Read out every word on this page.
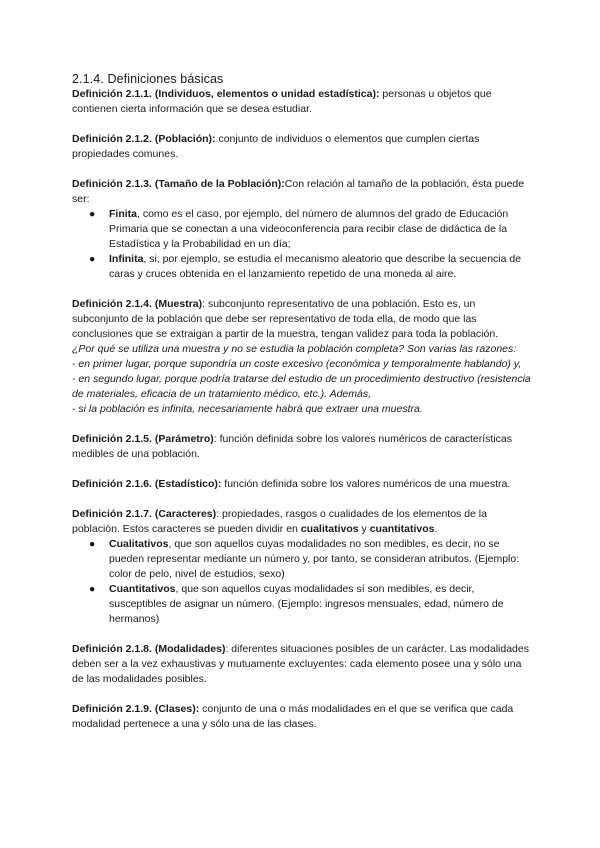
2.1.4. Definiciones básicas

Definición 2.1.1. (Individuos, elementos o unidad estadística): personas u objetos que contienen cierta información que se desea estudiar.

Definición 2.1.2. (Población): conjunto de individuos o elementos que cumplen ciertas propiedades comunes.

Definición 2.1.3. (Tamaño de la Población):Con relación al tamaño de la población, ésta puede ser:

● Finita, como es el caso, por ejemplo, del número de alumnos del grado de Educación Primaria que se conectan a una videoconferencia para recibir clase de didáctica de la Estadística y la Probabilidad en un día;
● Infinita, si, por ejemplo, se estudia el mecanismo aleatorio que describe la secuencia de caras y cruces obtenida en el lanzamiento repetido de una moneda al aire.

Definición 2.1.4. (Muestra): subconjunto representativo de una población. Esto es, un subconjunto de la población que debe ser representativo de toda ella, de modo que las conclusiones que se extraigan a partir de la muestra, tengan validez para toda la población.

¿Por qué se utiliza una muestra y no se estudia la población completa? Son varias las razones:

- en primer lugar, porque supondría un coste excesivo (económica y temporalmente hablando) y,

- en segundo lugar, porque podría tratarse del estudio de un procedimiento destructivo (resistencia de materiales, eficacia de un tratamiento médico, etc.). Además,

- si la población es infinita, necesariamente habrá que extraer una muestra.

Definición 2.1.5. (Parámetro): función definida sobre los valores numéricos de características medibles de una población.

Definición 2.1.6. (Estadístico): función definida sobre los valores numéricos de una muestra.

Definición 2.1.7. (Caracteres): propiedades, rasgos o cualidades de los elementos de la población. Estos caracteres se pueden dividir en cualitativos y cuantitativos.

● Cualitativos, que son aquellos cuyas modalidades no son medibles, es decir, no se pueden representar mediante un número y, por tanto, se consideran atributos. (Ejemplo: color de pelo, nivel de estudios, sexo)
● Cuantitativos, que son aquellos cuyas modalidades sí son medibles, es decir, susceptibles de asignar un número. (Ejemplo: ingresos mensuales, edad, número de hermanos)

Definición 2.1.8. (Modalidades): diferentes situaciones posibles de un carácter. Las modalidades deben ser a la vez exhaustivas y mutuamente excluyentes: cada elemento posee una y sólo una de las modalidades posibles.

Definición 2.1.9. (Clases): conjunto de una o más modalidades en el que se verifica que cada modalidad pertenece a una y sólo una de las clases.
